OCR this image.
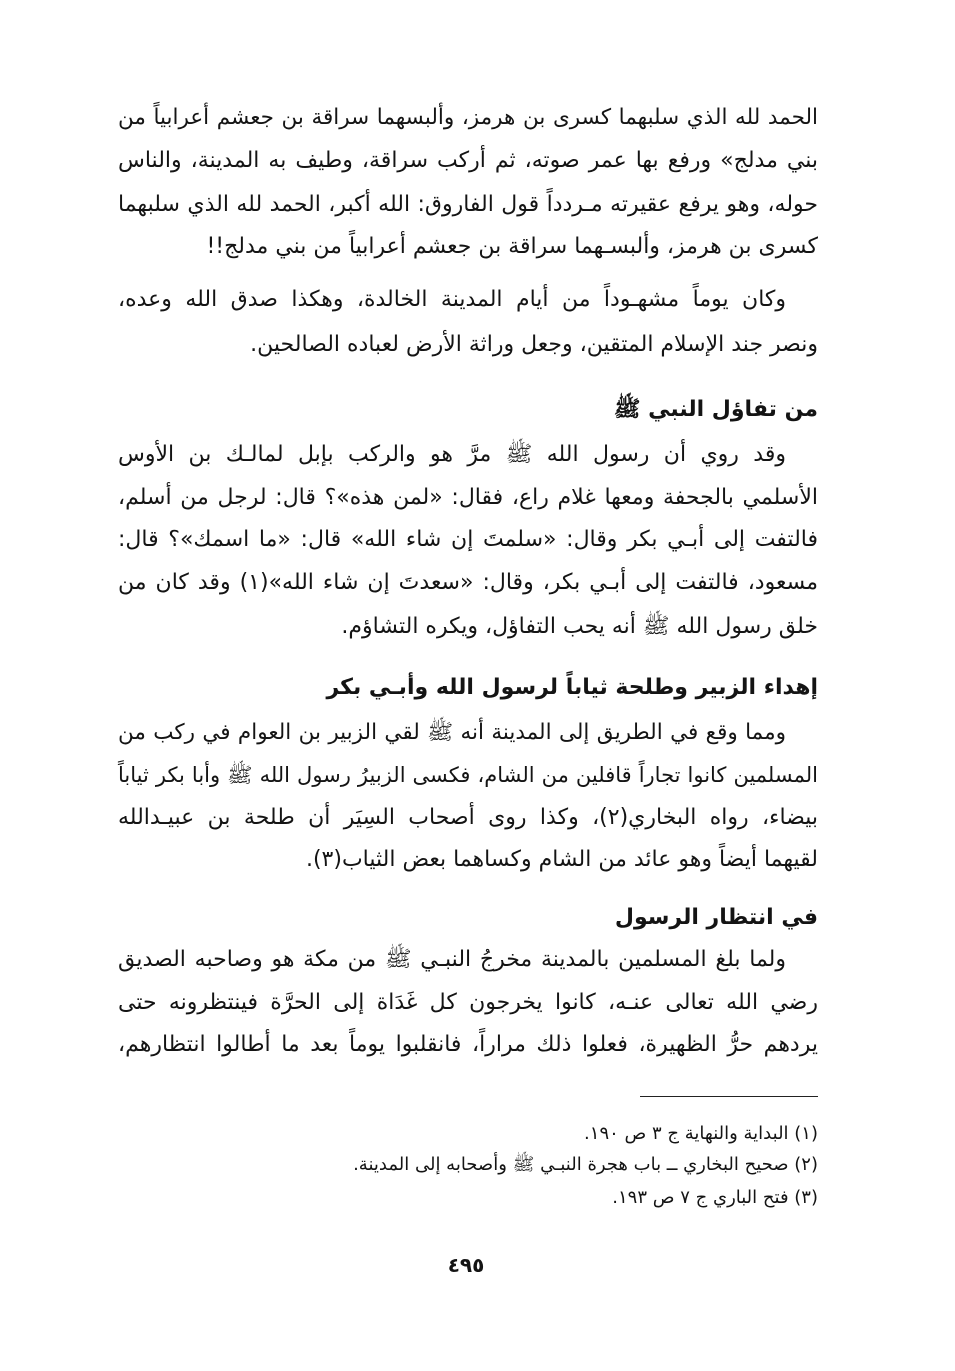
الحمد لله الذي سلبهما كسرى بن هرمز، وألبسهما سراقة بن جعشم أعرابياً من
بني مدلج» ورفع بها عمر صوته، ثم أركب سراقة، وطيف به المدينة، والناس
حوله، وهو يرفع عقيرته مـردداً قول الفاروق: الله أكبر، الحمد لله الذي سلبهما
كسرى بن هرمز، وألبسـهما سراقة بن جعشم أعرابياً من بني مدلج!!
وكان يوماً مشهـوداً من أيام المدينة الخالدة، وهكذا صدق الله وعده،
ونصر جند الإسلام المتقين، وجعل وراثة الأرض لعباده الصالحين.
من تفاؤل النبي ﷺ
وقد روي أن رسول الله ﷺ مرَّ هو والركب بإبل لمالـك بن الأوس
الأسلمي بالجحفة ومعها غلام راع، فقال: «لمن هذه»؟ قال: لرجل من أسلم،
فالتفت إلى أبـي بكر وقال: «سلمتَ إن شاء الله» قال: «ما اسمك»؟ قال:
مسعود، فالتفت إلى أبـي بكر، وقال: «سعدتَ إن شاء الله»(١) وقد كان من
خلق رسول الله ﷺ أنه يحب التفاؤل، ويكره التشاؤم.
إهداء الزبير وطلحة ثياباً لرسول الله وأبـي بكر
ومما وقع في الطريق إلى المدينة أنه ﷺ لقي الزبير بن العوام في ركب من
المسلمين كانوا تجاراً قافلين من الشام، فكسى الزبيرُ رسول الله ﷺ وأبا بكر ثياباً
بيضاء، رواه البخاري(٢)، وكذا روى أصحاب السِيَر أن طلحة بن عبيـدالله
لقيهما أيضاً وهو عائد من الشام وكساهما بعض الثياب(٣).
في انتظار الرسول
ولما بلغ المسلمين بالمدينة مخرجُ النبـي ﷺ من مكة هو وصاحبه الصديق
رضي الله تعالى عنـه، كانوا يخرجون كل غَدَاة إلى الحرَّة فينتظرونه حتى
يردهم حرُّ الظهيرة، فعلوا ذلك مراراً، فانقلبوا يوماً بعد ما أطالوا انتظارهم،
(١) البداية والنهاية ج ٣ ص ١٩٠.
(٢) صحيح البخاري ــ باب هجرة النبـي ﷺ وأصحابه إلى المدينة.
(٣) فتح الباري ج ٧ ص ١٩٣.
٤٩٥
